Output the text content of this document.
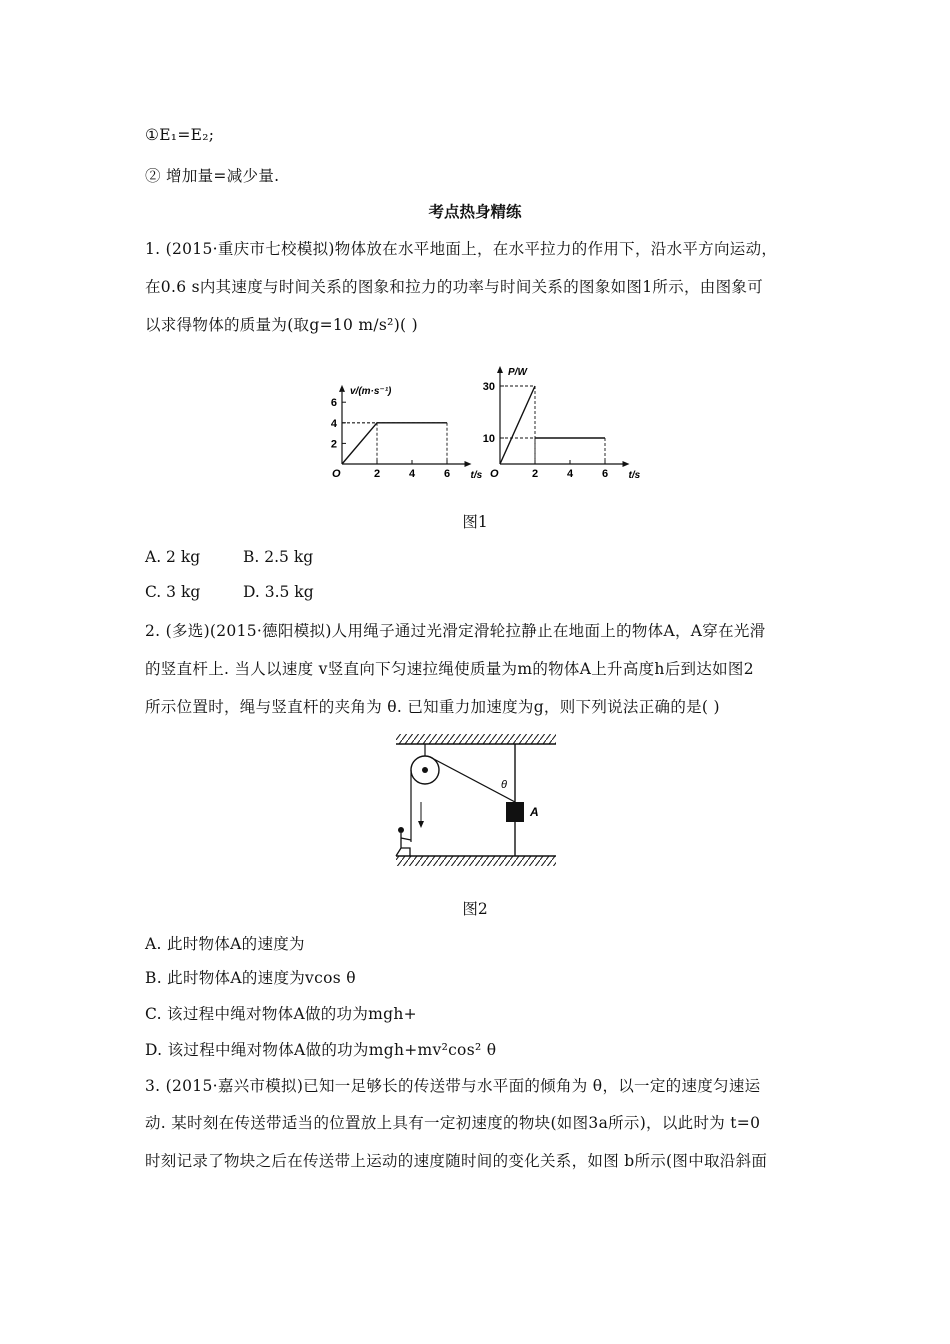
①E₁=E₂;
② 增加量=减少量.
考点热身精练
1. (2015·重庆市七校模拟)物体放在水平地面上，在水平拉力的作用下，沿水平方向运动，
在0.6 s内其速度与时间关系的图象和拉力的功率与时间关系的图象如图1所示，由图象可
以求得物体的质量为(取g=10 m/s²)( )
v/(m·s⁻¹)
t/s
O	2	4	6
2
4
6
P/W
t/s
O	2	4	6
10
30
图1
A. 2 kg	B. 2.5 kg
C. 3 kg	D. 3.5 kg
2. (多选)(2015·德阳模拟)人用绳子通过光滑定滑轮拉静止在地面上的物体A，A穿在光滑
的竖直杆上. 当人以速度 v竖直向下匀速拉绳使质量为m的物体A上升高度h后到达如图2
所示位置时，绳与竖直杆的夹角为 θ. 已知重力加速度为g，则下列说法正确的是( )
θ
A
图2
A. 此时物体A的速度为
B. 此时物体A的速度为vcos θ
C. 该过程中绳对物体A做的功为mgh+
D. 该过程中绳对物体A做的功为mgh+mv²cos² θ
3. (2015·嘉兴市模拟)已知一足够长的传送带与水平面的倾角为 θ，以一定的速度匀速运
动. 某时刻在传送带适当的位置放上具有一定初速度的物块(如图3a所示)，以此时为 t=0
时刻记录了物块之后在传送带上运动的速度随时间的变化关系，如图 b所示(图中取沿斜面
